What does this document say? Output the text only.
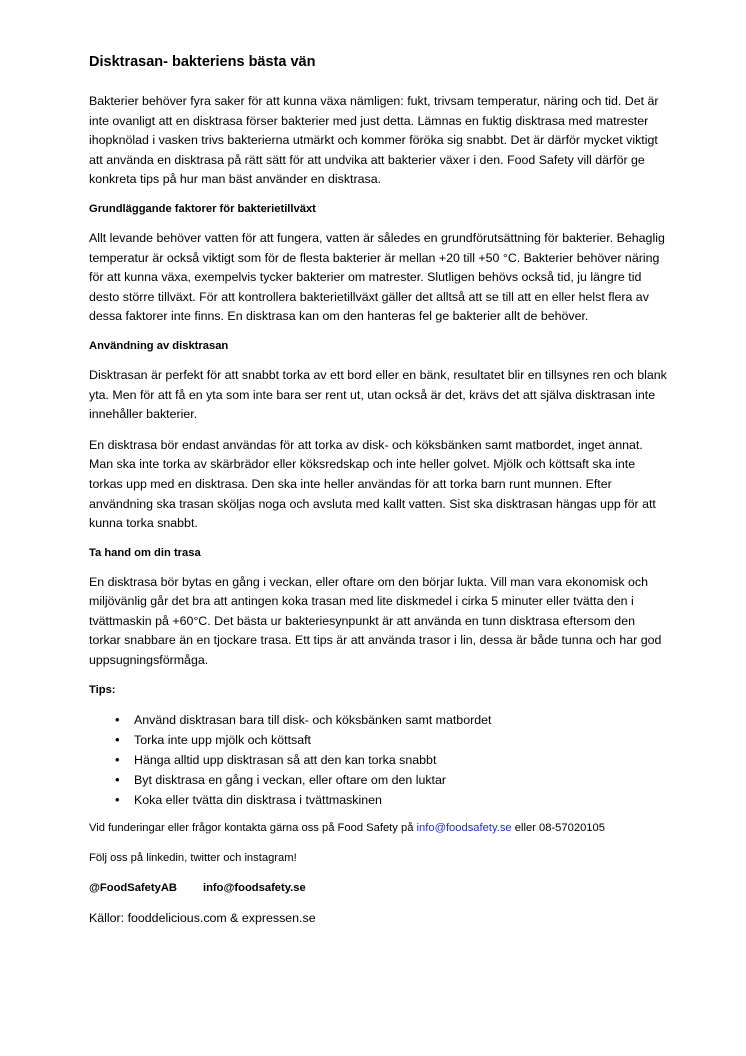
Disktrasan- bakteriens bästa vän

Bakterier behöver fyra saker för att kunna växa nämligen: fukt, trivsam temperatur, näring och tid. Det är inte ovanligt att en disktrasa förser bakterier med just detta. Lämnas en fuktig disktrasa med matrester ihopknölad i vasken trivs bakterierna utmärkt och kommer föröka sig snabbt. Det är därför mycket viktigt att använda en disktrasa på rätt sätt för att undvika att bakterier växer i den. Food Safety vill därför ge konkreta tips på hur man bäst använder en disktrasa.

Grundläggande faktorer för bakterietillväxt

Allt levande behöver vatten för att fungera, vatten är således en grundförutsättning för bakterier. Behaglig temperatur är också viktigt som för de flesta bakterier är mellan +20 till +50 °C. Bakterier behöver näring för att kunna växa, exempelvis tycker bakterier om matrester. Slutligen behövs också tid, ju längre tid desto större tillväxt. För att kontrollera bakterietillväxt gäller det alltså att se till att en eller helst flera av dessa faktorer inte finns. En disktrasa kan om den hanteras fel ge bakterier allt de behöver.

Användning av disktrasan

Disktrasan är perfekt för att snabbt torka av ett bord eller en bänk, resultatet blir en tillsynes ren och blank yta. Men för att få en yta som inte bara ser rent ut, utan också är det, krävs det att själva disktrasan inte innehåller bakterier.

En disktrasa bör endast användas för att torka av disk- och köksbänken samt matbordet, inget annat. Man ska inte torka av skärbrädor eller köksredskap och inte heller golvet. Mjölk och köttsaft ska inte torkas upp med en disktrasa. Den ska inte heller användas för att torka barn runt munnen. Efter användning ska trasan sköljas noga och avsluta med kallt vatten. Sist ska disktrasan hängas upp för att kunna torka snabbt.

Ta hand om din trasa

En disktrasa bör bytas en gång i veckan, eller oftare om den börjar lukta. Vill man vara ekonomisk och miljövänlig går det bra att antingen koka trasan med lite diskmedel i cirka 5 minuter eller tvätta den i tvättmaskin på +60°C. Det bästa ur bakteriesynpunkt är att använda en tunn disktrasa eftersom den torkar snabbare än en tjockare trasa. Ett tips är att använda trasor i lin, dessa är både tunna och har god uppsugningsförmåga.

Tips:
• Använd disktrasan bara till disk- och köksbänken samt matbordet
• Torka inte upp mjölk och köttsaft
• Hänga alltid upp disktrasan så att den kan torka snabbt
• Byt disktrasa en gång i veckan, eller oftare om den luktar
• Koka eller tvätta din disktrasa i tvättmaskinen

Vid funderingar eller frågor kontakta gärna oss på Food Safety på info@foodsafety.se eller 08-57020105

Följ oss på linkedin, twitter och instagram!

@FoodSafetyAB info@foodsafety.se

Källor: fooddelicious.com & expressen.se
